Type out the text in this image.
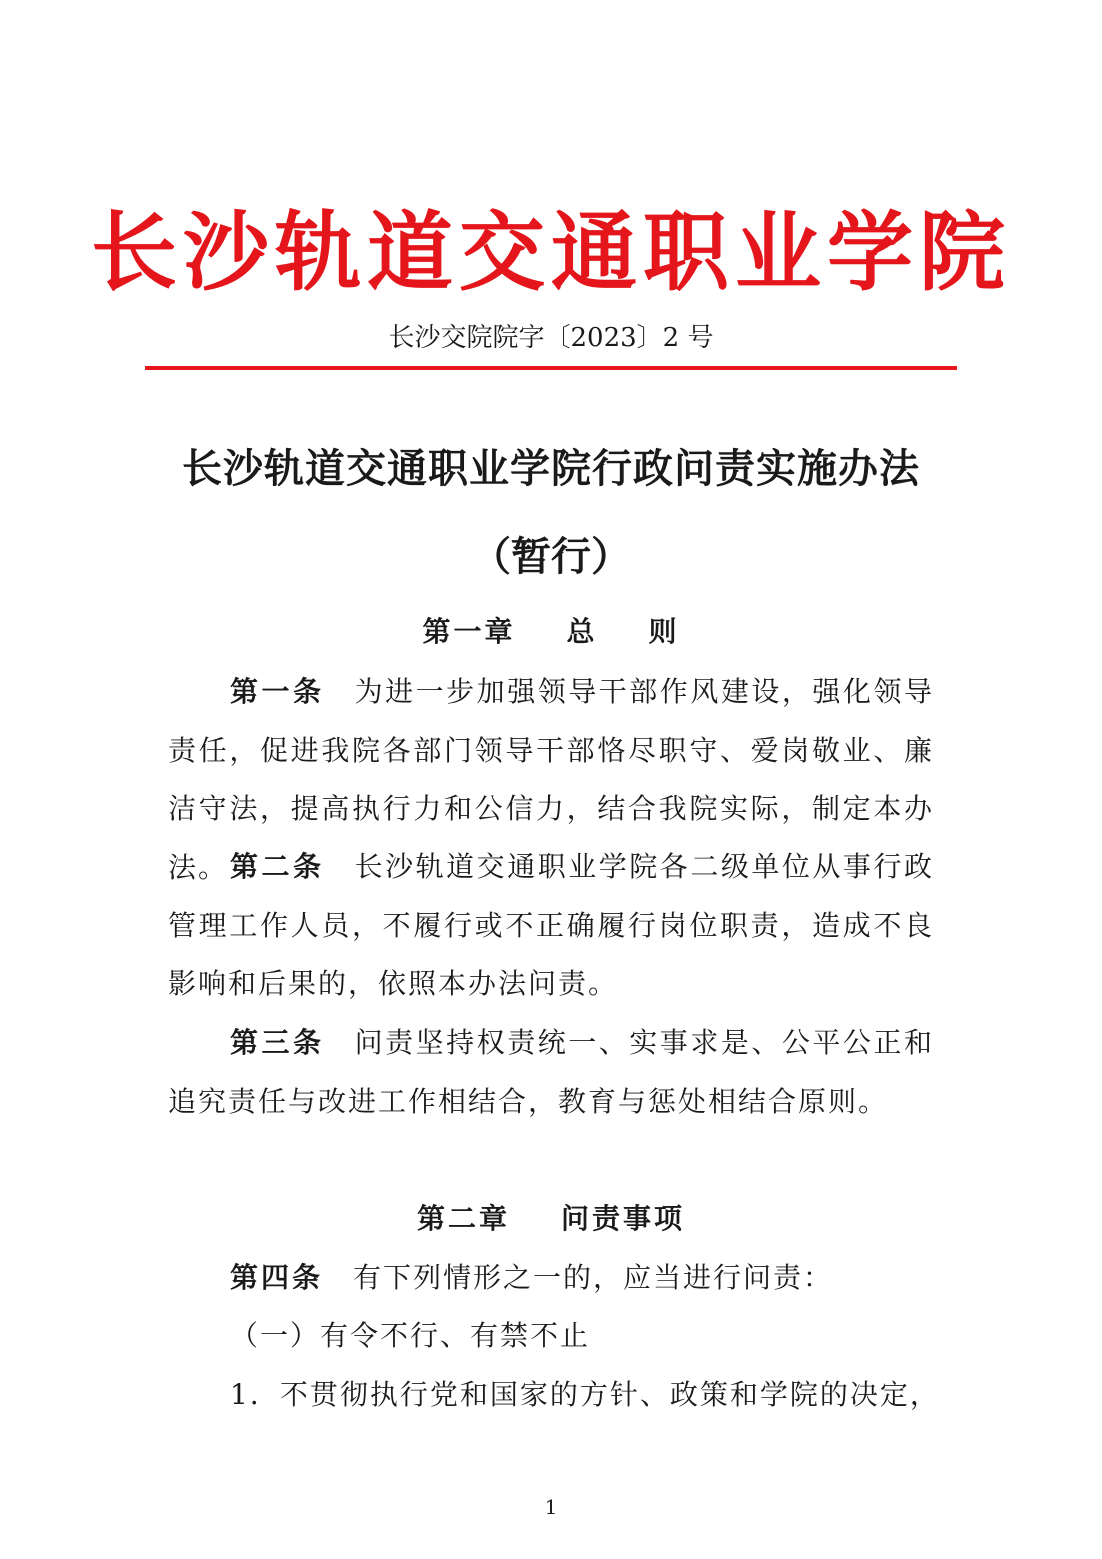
长沙轨道交通职业学院
长沙交院院字〔2023〕2 号
长沙轨道交通职业学院行政问责实施办法
（暂行）
第一章    总    则
第一条 为进一步加强领导干部作风建设，强化领导责任，促进我院各部门领导干部恪尽职守、爱岗敬业、廉洁守法，提高执行力和公信力，结合我院实际，制定本办法。 第二条 长沙轨道交通职业学院各二级单位从事行政管理工作人员，不履行或不正确履行岗位职责，造成不良影响和后果的，依照本办法问责。
第三条 问责坚持权责统一、实事求是、公平公正和追究责任与改进工作相结合，教育与惩处相结合原则。
第二章    问责事项
第四条 有下列情形之一的，应当进行问责：
（一）有令不行、有禁不止
1．不贯彻执行党和国家的方针、政策和学院的决定，
1
